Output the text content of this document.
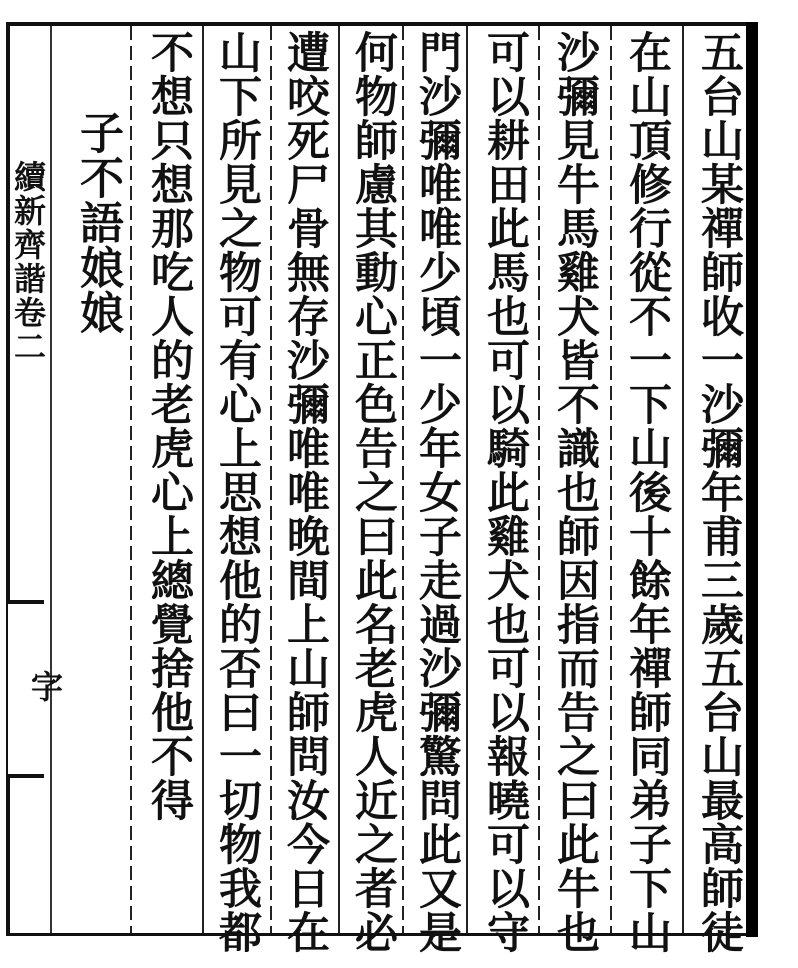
五台山某禪師收一沙彌年甫三歲五台山最高師徒
在山頂修行從不一下山後十餘年禪師同弟子下山
沙彌見牛馬雞犬皆不識也師因指而告之曰此牛也
可以耕田此馬也可以騎此雞犬也可以報曉可以守
門沙彌唯唯少頃一少年女子走過沙彌驚問此又是
何物師慮其動心正色告之曰此名老虎人近之者必
遭咬死尸骨無存沙彌唯唯晚間上山師問汝今日在
山下所見之物可有心上思想他的否曰一切物我都
不想只想那吃人的老虎心上總覺捨他不得
子不語娘娘
續新齊諧卷二
字
